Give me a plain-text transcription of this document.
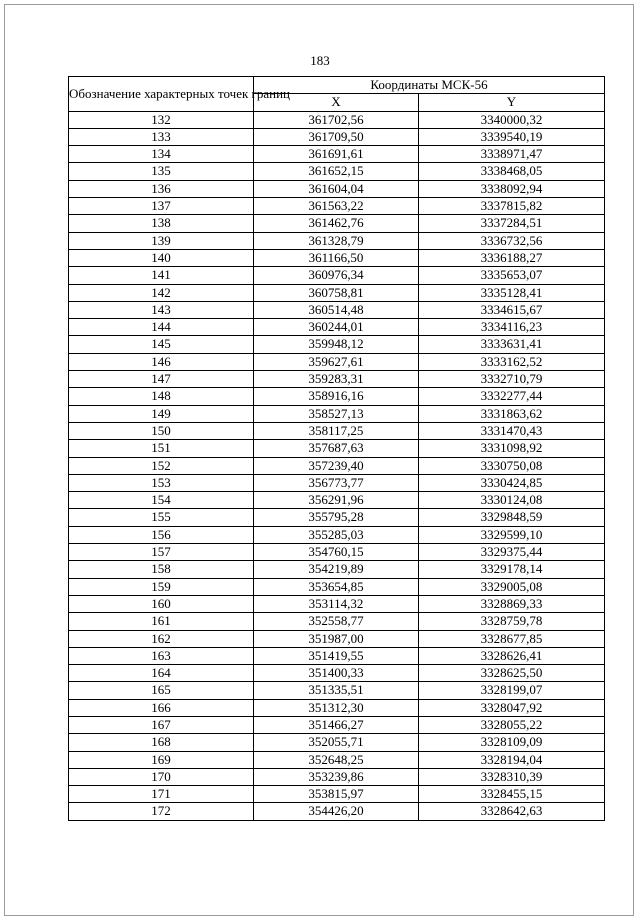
183
Обозначение характерных точек границ	Координаты МСК-56	
	X	Y
132	361702,56	3340000,32
133	361709,50	3339540,19
134	361691,61	3338971,47
135	361652,15	3338468,05
136	361604,04	3338092,94
137	361563,22	3337815,82
138	361462,76	3337284,51
139	361328,79	3336732,56
140	361166,50	3336188,27
141	360976,34	3335653,07
142	360758,81	3335128,41
143	360514,48	3334615,67
144	360244,01	3334116,23
145	359948,12	3333631,41
146	359627,61	3333162,52
147	359283,31	3332710,79
148	358916,16	3332277,44
149	358527,13	3331863,62
150	358117,25	3331470,43
151	357687,63	3331098,92
152	357239,40	3330750,08
153	356773,77	3330424,85
154	356291,96	3330124,08
155	355795,28	3329848,59
156	355285,03	3329599,10
157	354760,15	3329375,44
158	354219,89	3329178,14
159	353654,85	3329005,08
160	353114,32	3328869,33
161	352558,77	3328759,78
162	351987,00	3328677,85
163	351419,55	3328626,41
164	351400,33	3328625,50
165	351335,51	3328199,07
166	351312,30	3328047,92
167	351466,27	3328055,22
168	352055,71	3328109,09
169	352648,25	3328194,04
170	353239,86	3328310,39
171	353815,97	3328455,15
172	354426,20	3328642,63
